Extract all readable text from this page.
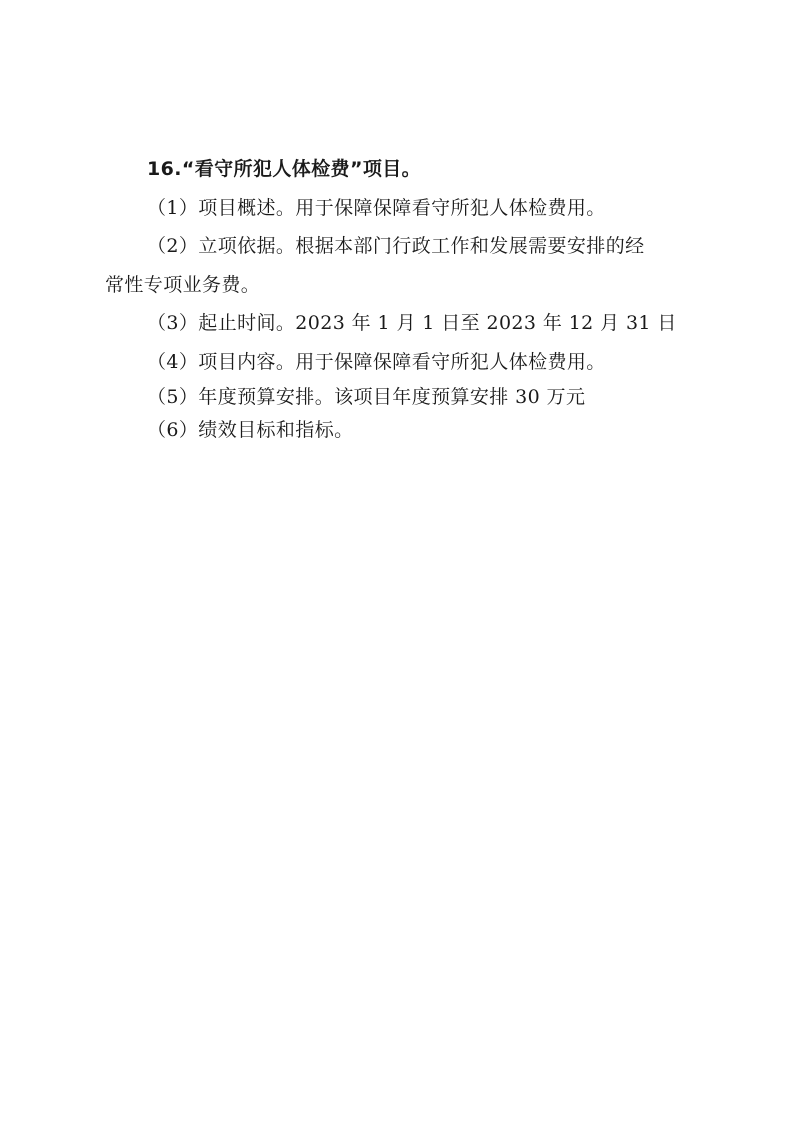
16.“看守所犯人体检费”项目。
（1）项目概述。用于保障保障看守所犯人体检费用。
（2）立项依据。根据本部门行政工作和发展需要安排的经
常性专项业务费。
（3）起止时间。2023 年 1 月 1 日至 2023 年 12 月 31 日
（4）项目内容。用于保障保障看守所犯人体检费用。
（5）年度预算安排。该项目年度预算安排 30 万元
（6）绩效目标和指标。
